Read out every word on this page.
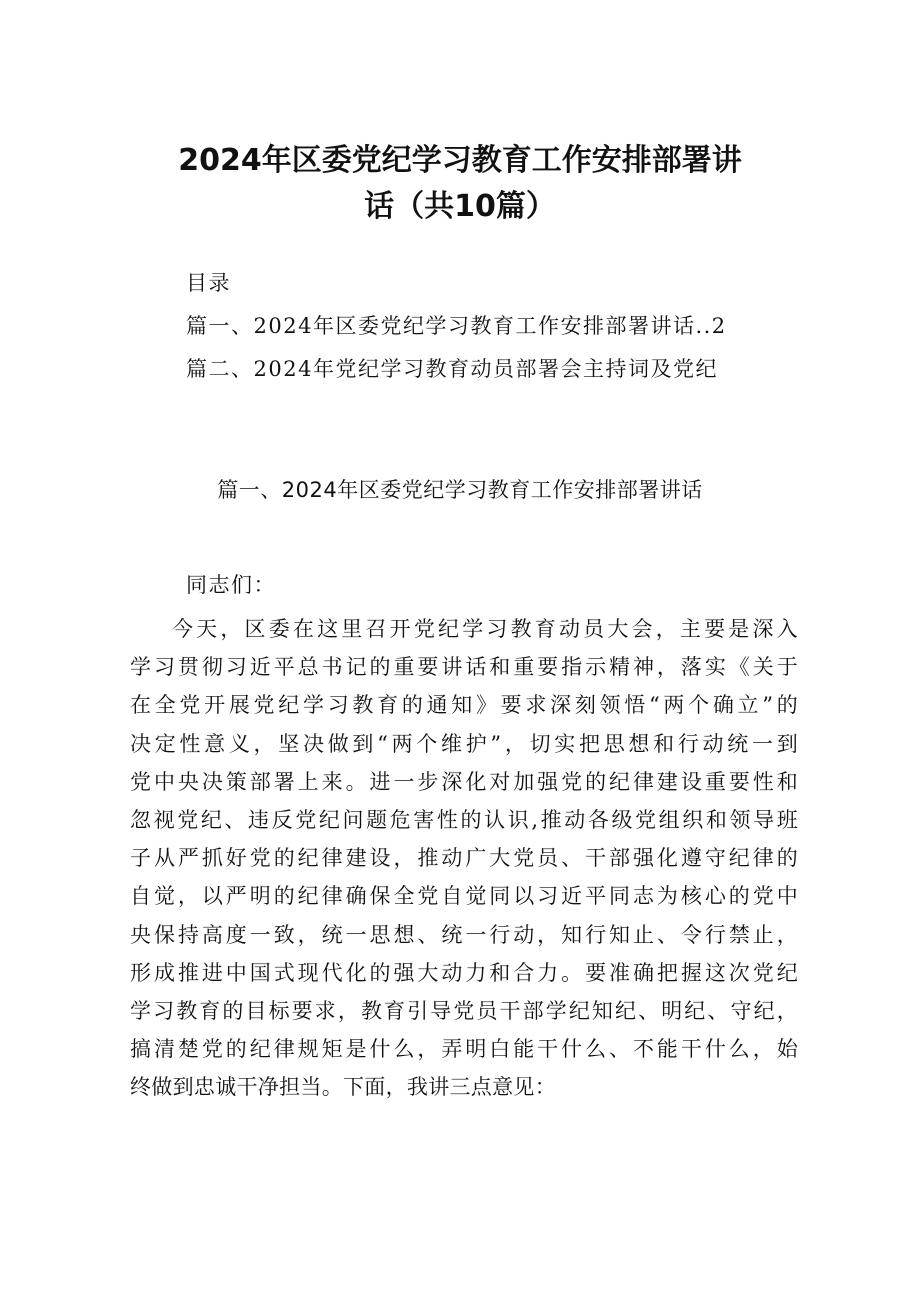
2024年区委党纪学习教育工作安排部署讲
话（共10篇）
目录
篇一、2024年区委党纪学习教育工作安排部署讲话..2
篇二、2024年党纪学习教育动员部署会主持词及党纪
篇一、2024年区委党纪学习教育工作安排部署讲话
同志们：
今天，区委在这里召开党纪学习教育动员大会，主要是深入
学习贯彻习近平总书记的重要讲话和重要指示精神，落实《关于
在全党开展党纪学习教育的通知》要求深刻领悟“两个确立”的
决定性意义，坚决做到“两个维护”，切实把思想和行动统一到
党中央决策部署上来。进一步深化对加强党的纪律建设重要性和
忽视党纪、违反党纪问题危害性的认识,推动各级党组织和领导班
子从严抓好党的纪律建设，推动广大党员、干部强化遵守纪律的
自觉，以严明的纪律确保全党自觉同以习近平同志为核心的党中
央保持高度一致，统一思想、统一行动，知行知止、令行禁止，
形成推进中国式现代化的强大动力和合力。要准确把握这次党纪
学习教育的目标要求，教育引导党员干部学纪知纪、明纪、守纪，
搞清楚党的纪律规矩是什么，弄明白能干什么、不能干什么，始
终做到忠诚干净担当。下面，我讲三点意见：
